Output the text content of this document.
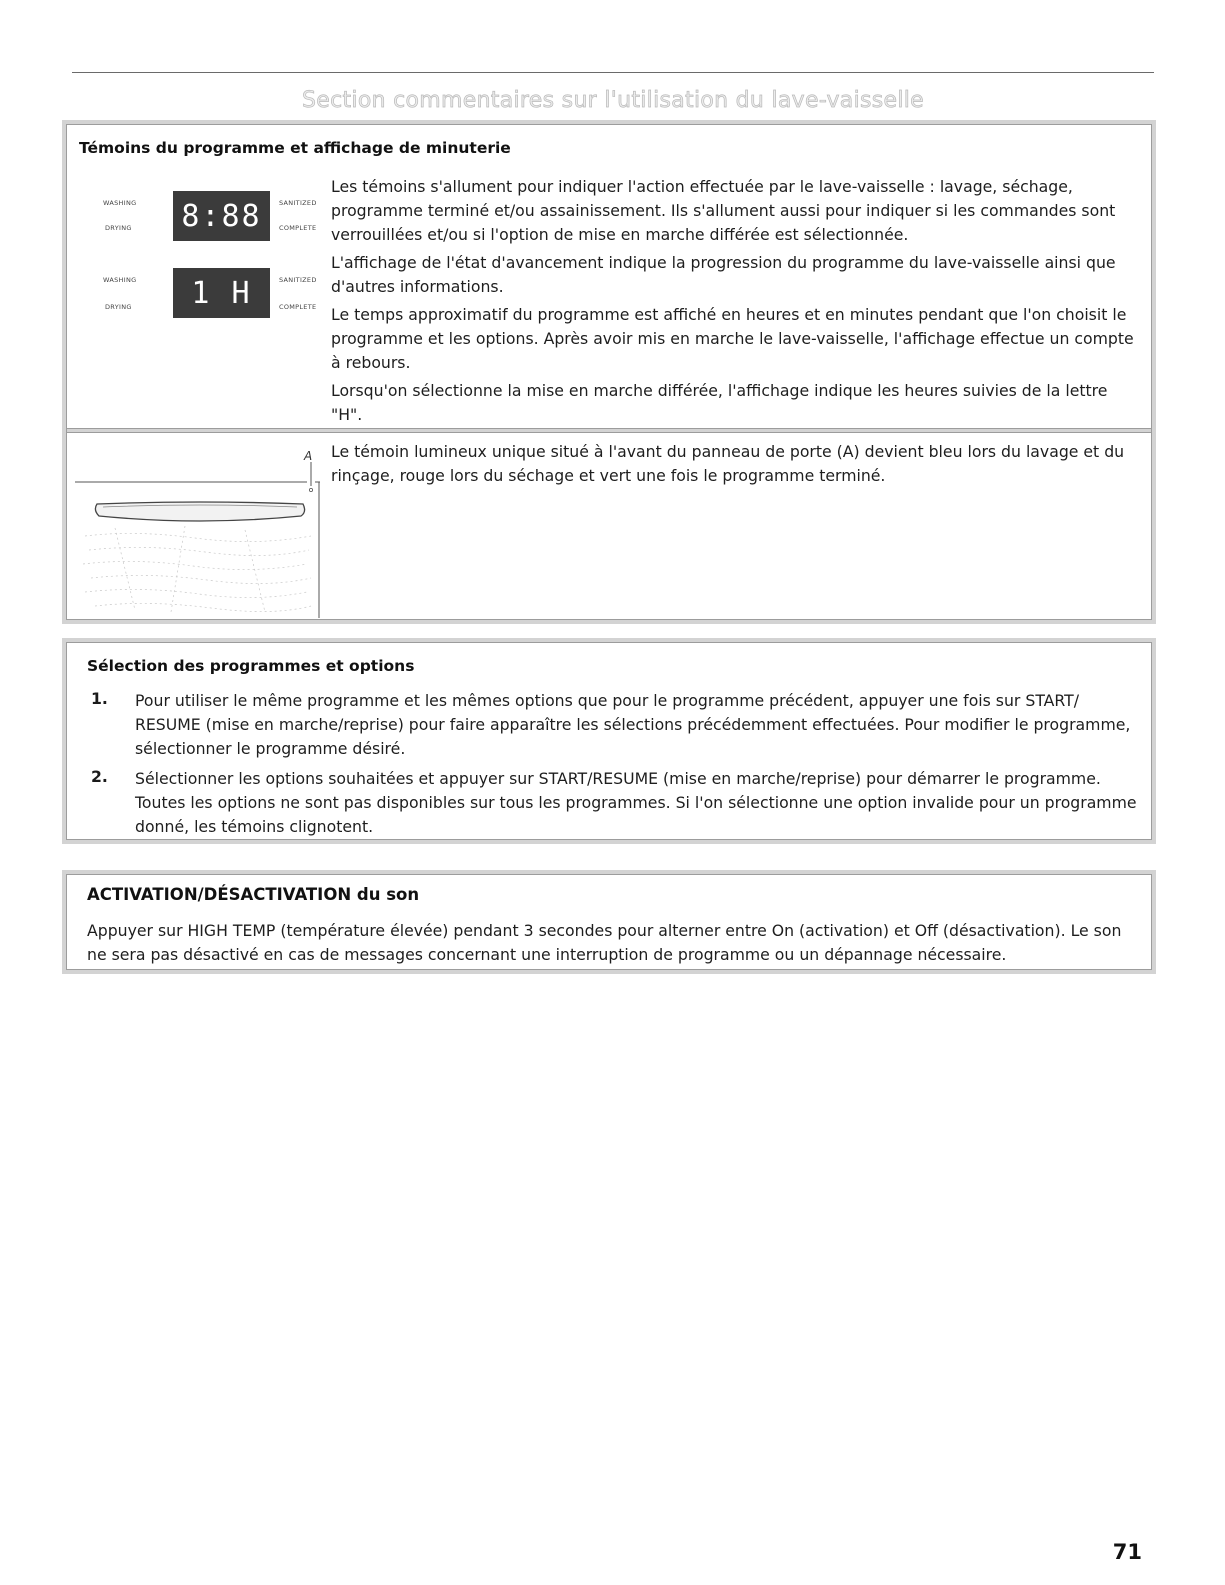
Section commentaires sur l'utilisation du lave-vaisselle
Témoins du programme et affichage de minuterie
WASHING
DRYING 8:88	SANITIZED
COMPLETE
WASHING
DRYING 1 H	SANITIZED
COMPLETE

Les témoins s'allument pour indiquer l'action effectuée par le lave-vaisselle : lavage, séchage, programme terminé et/ou assainissement. Ils s'allument aussi pour indiquer si les commandes sont verrouillées et/ou si l'option de mise en marche différée est sélectionnée.

L'affichage de l'état d'avancement indique la progression du programme du lave-vaisselle ainsi que d'autres informations.

Le temps approximatif du programme est affiché en heures et en minutes pendant que l'on choisit le programme et les options. Après avoir mis en marche le lave-vaisselle, l'affichage effectue un compte à rebours.

Lorsqu'on sélectionne la mise en marche différée, l'affichage indique les heures suivies de la lettre "H".

A Le témoin lumineux unique situé à l'avant du panneau de porte (A) devient bleu lors du lavage et du rinçage, rouge lors du séchage et vert une fois le programme terminé.

Sélection des programmes et options
1. Pour utiliser le même programme et les mêmes options que pour le programme précédent, appuyer une fois sur START/ RESUME (mise en marche/reprise) pour faire apparaître les sélections précédemment effectuées. Pour modifier le programme, sélectionner le programme désiré.

2. Sélectionner les options souhaitées et appuyer sur START/RESUME (mise en marche/reprise) pour démarrer le programme. Toutes les options ne sont pas disponibles sur tous les programmes. Si l'on sélectionne une option invalide pour un programme donné, les témoins clignotent.

ACTIVATION/DÉSACTIVATION du son

Appuyer sur HIGH TEMP (température élevée) pendant 3 secondes pour alterner entre On (activation) et Off (désactivation). Le son ne sera pas désactivé en cas de messages concernant une interruption de programme ou un dépannage nécessaire.

71
